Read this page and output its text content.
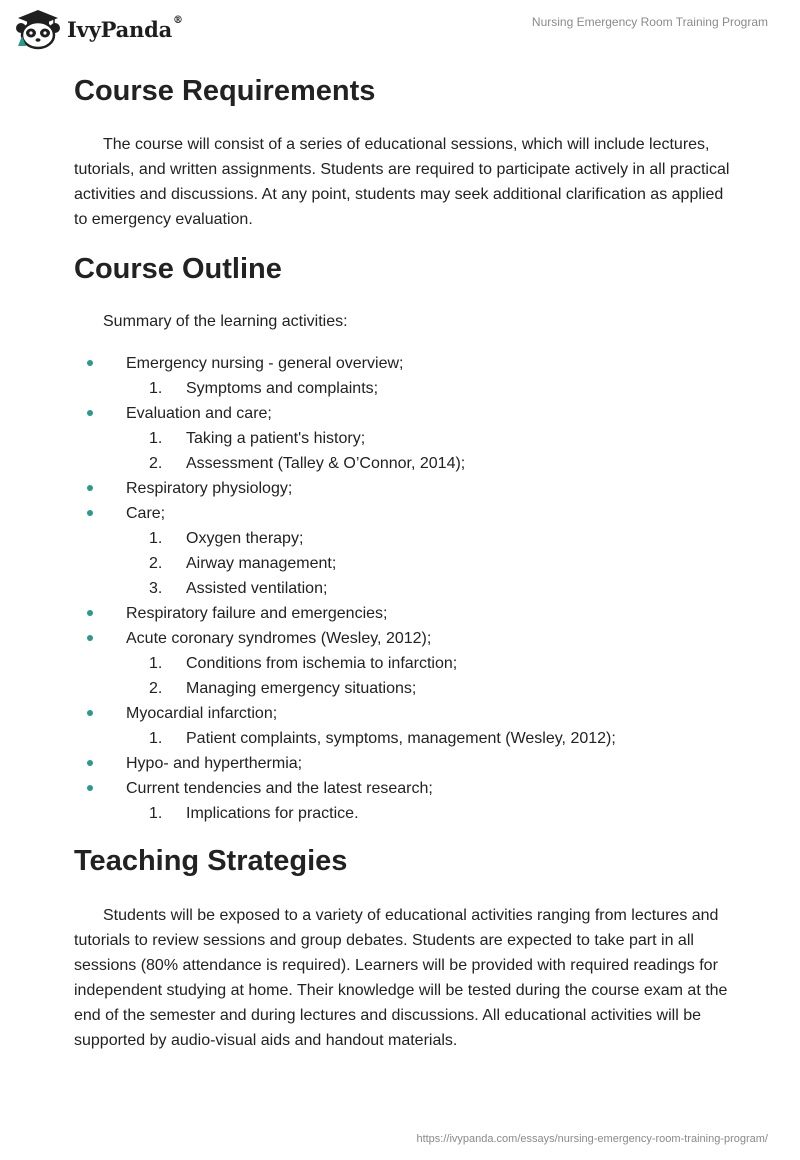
IvyPanda®	Nursing Emergency Room Training Program
Course Requirements

The course will consist of a series of educational sessions, which will include lectures, tutorials, and written assignments. Students are required to participate actively in all practical activities and discussions. At any point, students may seek additional clarification as applied to emergency evaluation.

Course Outline

Summary of the learning activities:

Emergency nursing - general overview;
1. Symptoms and complaints;
Evaluation and care;
1. Taking a patient's history;
2. Assessment (Talley & O’Connor, 2014);
Respiratory physiology;
Care;
1. Oxygen therapy;
2. Airway management;
3. Assisted ventilation;
Respiratory failure and emergencies;
Acute coronary syndromes (Wesley, 2012);
1. Conditions from ischemia to infarction;
2. Managing emergency situations;
Myocardial infarction;
1. Patient complaints, symptoms, management (Wesley, 2012);
Hypo- and hyperthermia;
Current tendencies and the latest research;
1. Implications for practice.
Teaching Strategies

Students will be exposed to a variety of educational activities ranging from lectures and tutorials to review sessions and group debates. Students are expected to take part in all sessions (80% attendance is required). Learners will be provided with required readings for independent studying at home. Their knowledge will be tested during the course exam at the end of the semester and during lectures and discussions. All educational activities will be supported by audio-visual aids and handout materials.

https://ivypanda.com/essays/nursing-emergency-room-training-program/
